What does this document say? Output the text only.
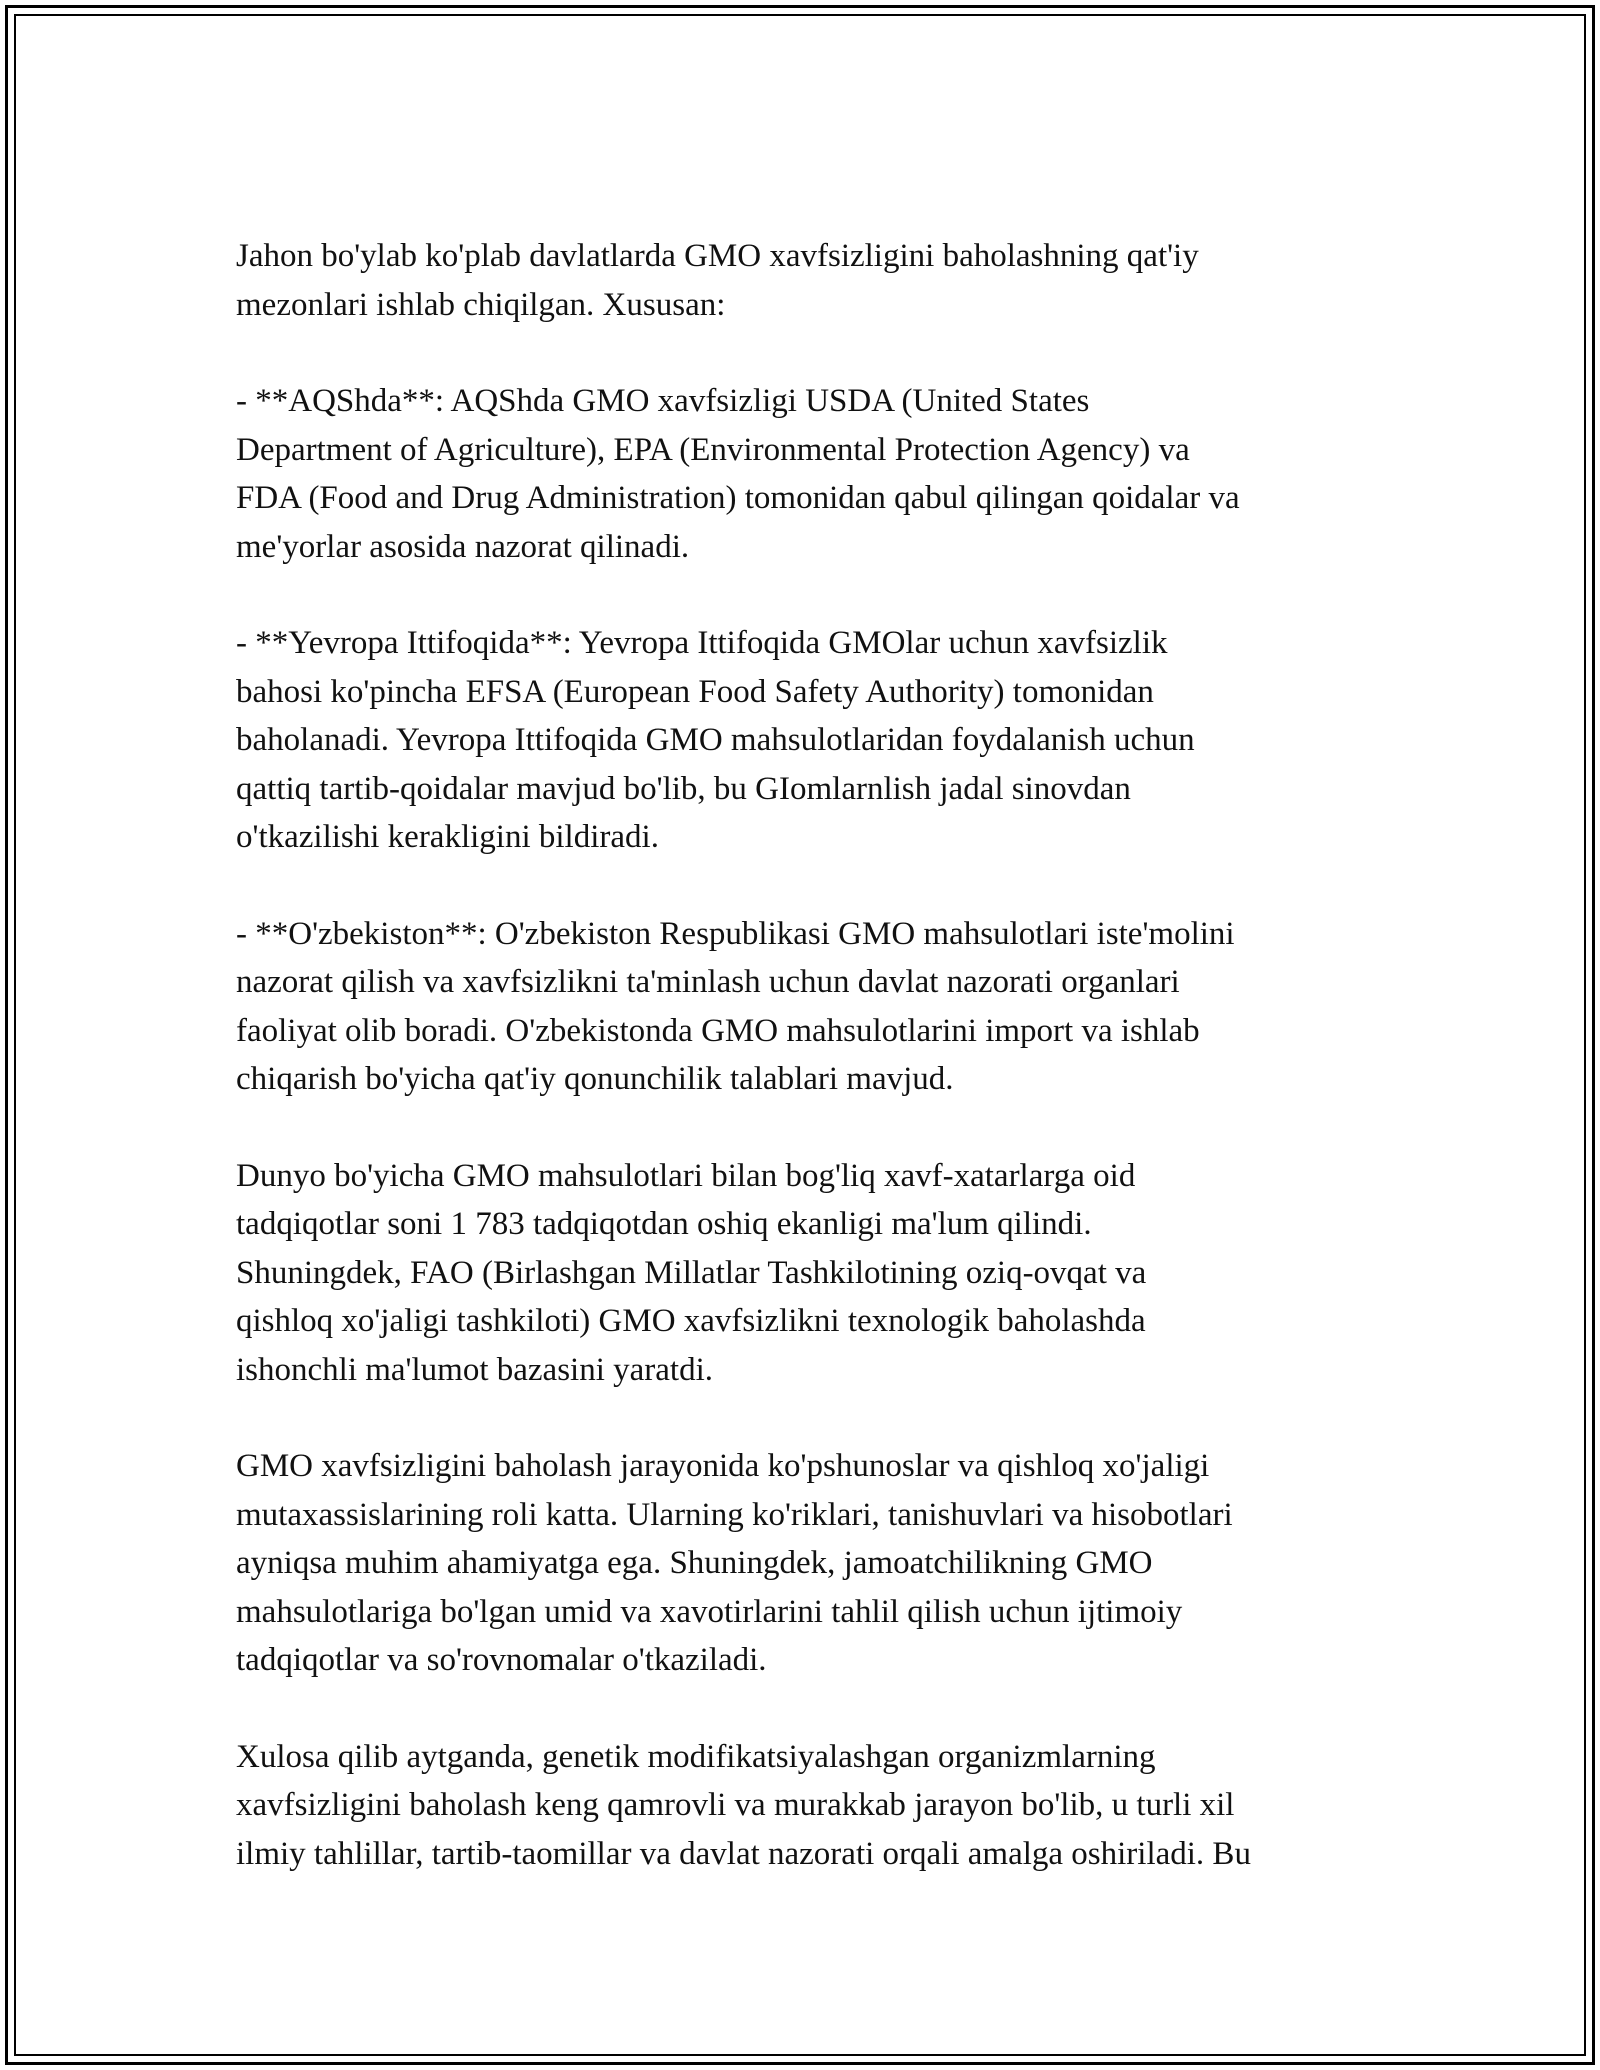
Jahon bo'ylab ko'plab davlatlarda GMO xavfsizligini baholashning qat'iy
mezonlari ishlab chiqilgan. Xususan:

- **AQShda**: AQShda GMO xavfsizligi USDA (United States
Department of Agriculture), EPA (Environmental Protection Agency) va
FDA (Food and Drug Administration) tomonidan qabul qilingan qoidalar va
me'yorlar asosida nazorat qilinadi.

- **Yevropa Ittifoqida**: Yevropa Ittifoqida GMOlar uchun xavfsizlik
bahosi ko'pincha EFSA (European Food Safety Authority) tomonidan
baholanadi. Yevropa Ittifoqida GMO mahsulotlaridan foydalanish uchun
qattiq tartib-qoidalar mavjud bo'lib, bu GIomlarnlish jadal sinovdan
o'tkazilishi kerakligini bildiradi.

- **O'zbekiston**: O'zbekiston Respublikasi GMO mahsulotlari iste'molini
nazorat qilish va xavfsizlikni ta'minlash uchun davlat nazorati organlari
faoliyat olib boradi. O'zbekistonda GMO mahsulotlarini import va ishlab
chiqarish bo'yicha qat'iy qonunchilik talablari mavjud.

Dunyo bo'yicha GMO mahsulotlari bilan bog'liq xavf-xatarlarga oid
tadqiqotlar soni 1 783 tadqiqotdan oshiq ekanligi ma'lum qilindi.
Shuningdek, FAO (Birlashgan Millatlar Tashkilotining oziq-ovqat va
qishloq xo'jaligi tashkiloti) GMO xavfsizlikni texnologik baholashda
ishonchli ma'lumot bazasini yaratdi.

GMO xavfsizligini baholash jarayonida ko'pshunoslar va qishloq xo'jaligi
mutaxassislarining roli katta. Ularning ko'riklari, tanishuvlari va hisobotlari
ayniqsa muhim ahamiyatga ega. Shuningdek, jamoatchilikning GMO
mahsulotlariga bo'lgan umid va xavotirlarini tahlil qilish uchun ijtimoiy
tadqiqotlar va so'rovnomalar o'tkaziladi.

Xulosa qilib aytganda, genetik modifikatsiyalashgan organizmlarning
xavfsizligini baholash keng qamrovli va murakkab jarayon bo'lib, u turli xil
ilmiy tahlillar, tartib-taomillar va davlat nazorati orqali amalga oshiriladi. Bu
